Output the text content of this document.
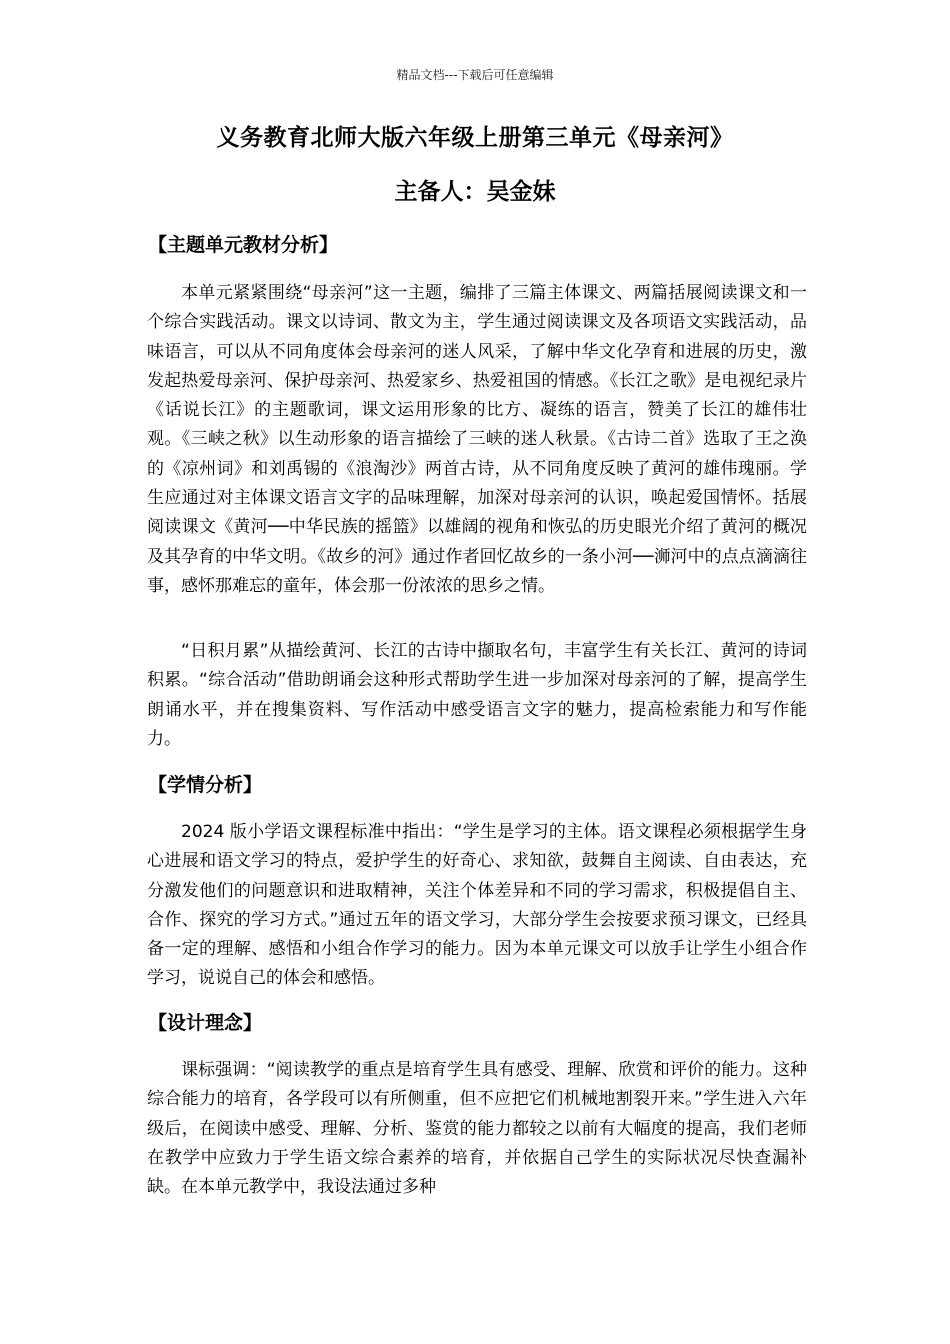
精品文档---下载后可任意编辑
义务教育北师大版六年级上册第三单元《母亲河》
主备人：吴金妹
【主题单元教材分析】
本单元紧紧围绕“母亲河”这一主题，编排了三篇主体课文、两篇括展阅读课文和一个综合实践活动。课文以诗词、散文为主，学生通过阅读课文及各项语文实践活动，品味语言，可以从不同角度体会母亲河的迷人风采，了解中华文化孕育和进展的历史，激发起热爱母亲河、保护母亲河、热爱家乡、热爱祖国的情感。《长江之歌》是电视纪录片《话说长江》的主题歌词，课文运用形象的比方、凝练的语言，赞美了长江的雄伟壮观。《三峡之秋》以生动形象的语言描绘了三峡的迷人秋景。《古诗二首》选取了王之涣的《凉州词》和刘禹锡的《浪淘沙》两首古诗，从不同角度反映了黄河的雄伟瑰丽。学生应通过对主体课文语言文字的品味理解，加深对母亲河的认识，唤起爱国情怀。括展阅读课文《黄河──中华民族的摇篮》以雄阔的视角和恢弘的历史眼光介绍了黄河的概况及其孕育的中华文明。《故乡的河》通过作者回忆故乡的一条小河──浉河中的点点滴滴往事，感怀那难忘的童年，体会那一份浓浓的思乡之情。
“日积月累”从描绘黄河、长江的古诗中撷取名句，丰富学生有关长江、黄河的诗词积累。“综合活动”借助朗诵会这种形式帮助学生进一步加深对母亲河的了解，提高学生朗诵水平，并在搜集资料、写作活动中感受语言文字的魅力，提高检索能力和写作能力。
【学情分析】
2024 版小学语文课程标准中指出：“学生是学习的主体。语文课程必须根据学生身心进展和语文学习的特点，爱护学生的好奇心、求知欲，鼓舞自主阅读、自由表达，充分激发他们的问题意识和进取精神，关注个体差异和不同的学习需求，积极提倡自主、合作、探究的学习方式。”通过五年的语文学习，大部分学生会按要求预习课文，已经具备一定的理解、感悟和小组合作学习的能力。因为本单元课文可以放手让学生小组合作学习，说说自己的体会和感悟。
【设计理念】
课标强调：“阅读教学的重点是培育学生具有感受、理解、欣赏和评价的能力。这种综合能力的培育，各学段可以有所侧重，但不应把它们机械地割裂开来。”学生进入六年级后，在阅读中感受、理解、分析、鉴赏的能力都较之以前有大幅度的提高，我们老师在教学中应致力于学生语文综合素养的培育，并依据自己学生的实际状况尽快查漏补缺。在本单元教学中，我设法通过多种
